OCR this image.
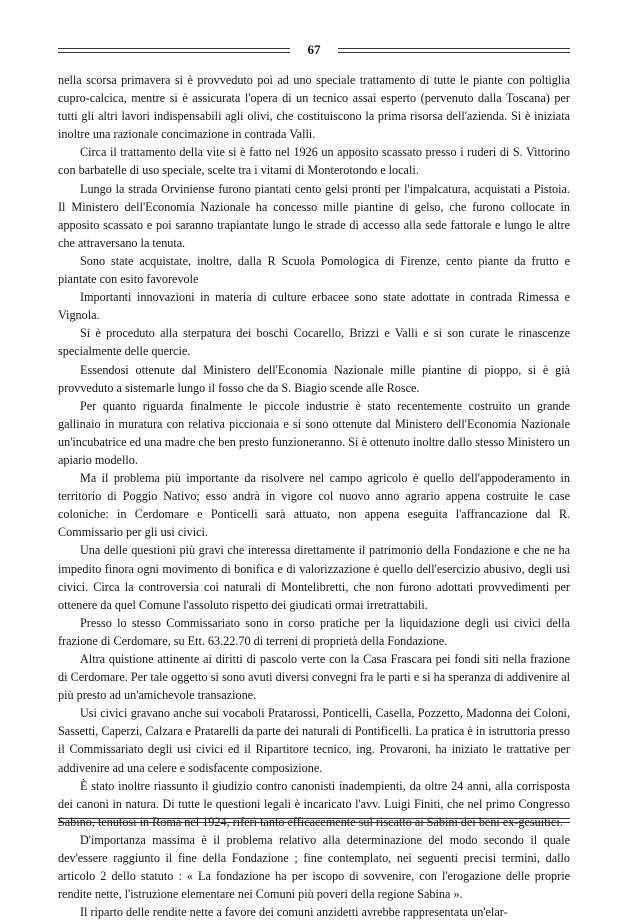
67

nella scorsa primavera si è provveduto poi ad uno speciale trattamento di tutte le piante con poltiglia cupro-calcica, mentre si è assicurata l'opera di un tecnico assai esperto (pervenuto dalla Toscana) per tutti gli altri lavori indispensabili agli olivi, che costituiscono la prima risorsa dell'azienda. Si è iniziata inoltre una razionale concimazione in contrada Valli.

Circa il trattamento della vite si è fatto nel 1926 un apposito scassato presso i ruderi di S. Vittorino con barbatelle di uso speciale, scelte tra i vitami di Monterotondo e locali.

Lungo la strada Orviniense furono piantati cento gelsi pronti per l'impalcatura, acquistati a Pistoia. Il Ministero dell'Economia Nazionale ha concesso mille piantine di gelso, che furono collocate in apposito scassato e poi saranno trapiantate lungo le strade di accesso alla sede fattorale e lungo le altre che attraversano la tenuta.

Sono state acquistate, inoltre, dalla R Scuola Pomologica di Firenze, cento piante da frutto e piantate con esito favorevole

Importanti innovazioni in materia di culture erbacee sono state adottate in contrada Rimessa e Vignola.

Si è proceduto alla sterpatura dei boschi Cocarello, Brizzi e Valli e si son curate le rinascenze specialmente delle quercie.

Essendosi ottenute dal Ministero dell'Economia Nazionale mille piantine di pioppo, si è già provveduto a sistemarle lungo il fosso che da S. Biagio scende alle Rosce.

Per quanto riguarda finalmente le piccole industrie è stato recentemente costruito un grande gallinaio in muratura con relativa piccionaia e si sono ottenute dal Ministero dell'Economia Nazionale un'incubatrice ed una madre che ben presto funzioneranno. Si è ottenuto inoltre dallo stesso Ministero un apiario modello.

Ma il problema più importante da risolvere nel campo agricolo è quello dell'appoderamento in territorio di Poggio Nativo; esso andrà in vigore col nuovo anno agrario appena costruite le case coloniche: in Cerdomare e Ponticelli sarà attuato, non appena eseguita l'affrancazione dal R. Commissario per gli usi civici.

Una delle questioni più gravi che interessa direttamente il patrimonio della Fondazione e che ne ha impedito finora ogni movimento di bonifica e di valorizzazione è quello dell'esercizio abusivo, degli usi civici. Circa la controversia coi naturali di Montelibretti, che non furono adottati provvedimenti per ottenere da quel Comune l'assoluto rispetto dei giudicati ormai irretrattabili.

Presso lo stesso Commissariato sono in corso pratiche per la liquidazione degli usi civici della frazione di Cerdomare, su Ett. 63.22.70 di terreni di proprietà della Fondazione.

Altra quistione attinente ai diritti di pascolo verte con la Casa Frascara pei fondi siti nella frazione di Cerdomare. Per tale oggetto si sono avuti diversi convegni fra le parti e si ha speranza di addivenire al più presto ad un'amichevole transazione.

Usi civici gravano anche sui vocaboli Pratarossi, Ponticelli, Casella, Pozzetto, Madonna dei Coloni, Sassetti, Caperzi, Calzara e Pratarelli da parte dei naturali di Pontificelli. La pratica è in istruttoria presso il Commissariato degli usi civici ed il Ripartitore tecnico, ing. Provaroni, ha iniziato le trattative per addivenire ad una celere e sodisfacente composizione.

È stato inoltre riassunto il giudizio contro canonisti inadempienti, da oltre 24 anni, alla corrisposta dei canoni in natura. Di tutte le questioni legali è incaricato l'avv. Luigi Finiti, che nel primo Congresso Sabino, tenutosi in Roma nel 1924, riferì tanto efficacemente sul riscatto ai Sabini dei beni ex-gesuitici.

D'importanza massima è il problema relativo alla determinazione del modo secondo il quale dev'essere raggiunto il fine della Fondazione ; fine contemplato, nei seguenti precisi termini, dallo articolo 2 dello statuto : « La fondazione ha per iscopo di sovvenire, con l'erogazione delle proprie rendite nette, l'istruzione elementare nei Comuni più poveri della regione Sabina ».

Il riparto delle rendite nette a favore dei comuni anzidetti avrebbe rappresentata un'elar-
